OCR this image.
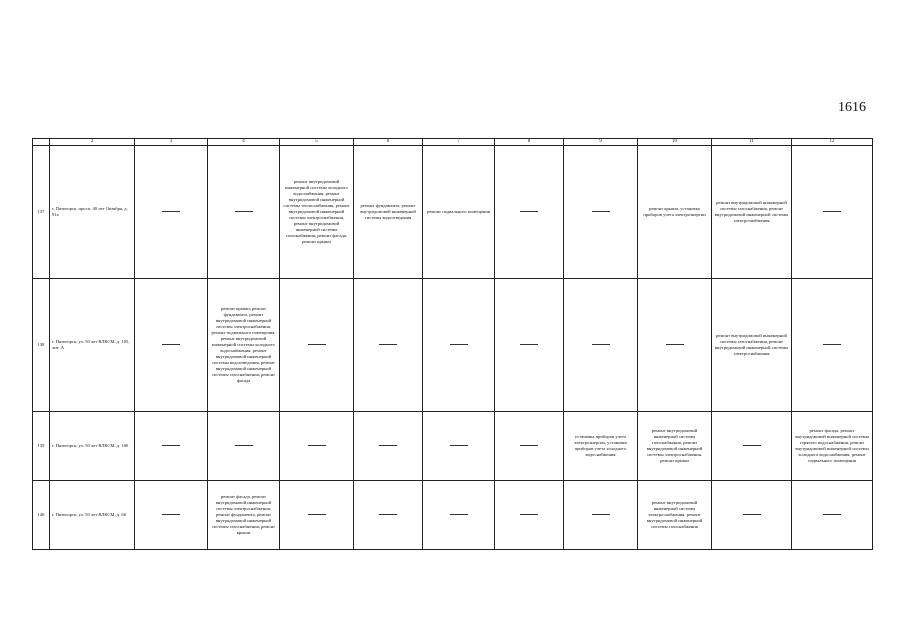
1616
	2	3	4	5	6	7	8	9	10	11	12
137	г. Пятигорск, просп. 40 лет Октября, д. 91а			ремонт внутридомовой инженерной системы холодного водоснабжения, ремонт внутридомовой инженерной системы теплоснабжения, ремонт внутридомовой инженерной системы электроснабжения, ремонт внутридомовой инженерной системы газоснабжения, ремонт фасада, ремонт крыши	ремонт фундамента, ремонт внутридомовой инженерной системы водоотведения	ремонт подвального помещения			ремонт крыши, установка приборов учета электроэнергии	ремонт внутридомовой инженерной системы газоснабжения, ремонт внутридомовой инженерной системы электроснабжения	
138	г. Пятигорск, ул. 50 лет ВЛКСМ, д. 105, лит. А		ремонт крыши, ремонт фундамента, ремонт внутридомовой инженерной системы электроснабжения, ремонт подвального помещения, ремонт внутридомовой инженерной системы холодного водоснабжения, ремонт внутридомовой инженерной системы водоотведения, ремонт внутридомовой инженерной системы газоснабжения, ремонт фасада							ремонт внутридомовой инженерной системы газоснабжения, ремонт внутридомовой инженерной системы электроснабжения	
139	г. Пятигорск, ул. 50 лет ВЛКСМ, д. 160							установка приборов учета электроэнергии, установка приборов учета холодного водоснабжения	ремонт внутридомовой инженерной системы газоснабжения, ремонт внутридомовой инженерной системы электроснабжения, ремонт крыши		ремонт фасада, ремонт внутридомовой инженерной системы горячего водоснабжения, ремонт внутридомовой инженерной системы холодного водоснабжения, ремонт подвального помещения
140	г. Пятигорск, ул. 50 лет ВЛКСМ, д. 66		ремонт фасада, ремонт внутридомовой инженерной системы электроснабжения, ремонт фундамента, ремонт внутридомовой инженерной системы газоснабжения, ремонт крыши						ремонт внутридомовой инженерной системы электроснабжения, ремонт внутридомовой инженерной системы газоснабжения		
